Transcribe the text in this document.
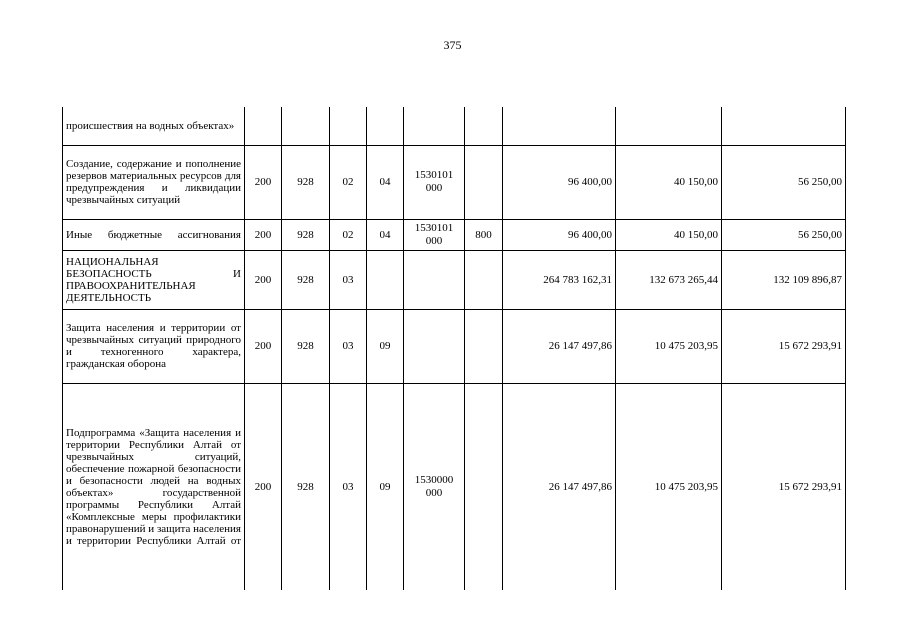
375
происшествия на водных объектах»									
Создание, содержание и пополнение резервов материальных ресурсов для предупреждения и ликвидации чрезвычайных ситуаций	200	928	02	04	1530101 000		96 400,00	40 150,00	56 250,00
Иные бюджетные ассигнования	200	928	02	04	1530101 000	800	96 400,00	40 150,00	56 250,00
НАЦИОНАЛЬНАЯ БЕЗОПАСНОСТЬ И ПРАВООХРАНИТЕЛЬНАЯ ДЕЯТЕЛЬНОСТЬ	200	928	03				264 783 162,31	132 673 265,44	132 109 896,87
Защита населения и территории от чрезвычайных ситуаций природного и техногенного характера, гражданская оборона	200	928	03	09			26 147 497,86	10 475 203,95	15 672 293,91
Подпрограмма «Защита населения и территории Республики Алтай от чрезвычайных ситуаций, обеспечение пожарной безопасности и безопасности людей на водных объектах» государственной программы Республики Алтай «Комплексные меры профилактики правонарушений и защита населения и территории Республики Алтай от	200	928	03	09	1530000 000		26 147 497,86	10 475 203,95	15 672 293,91
